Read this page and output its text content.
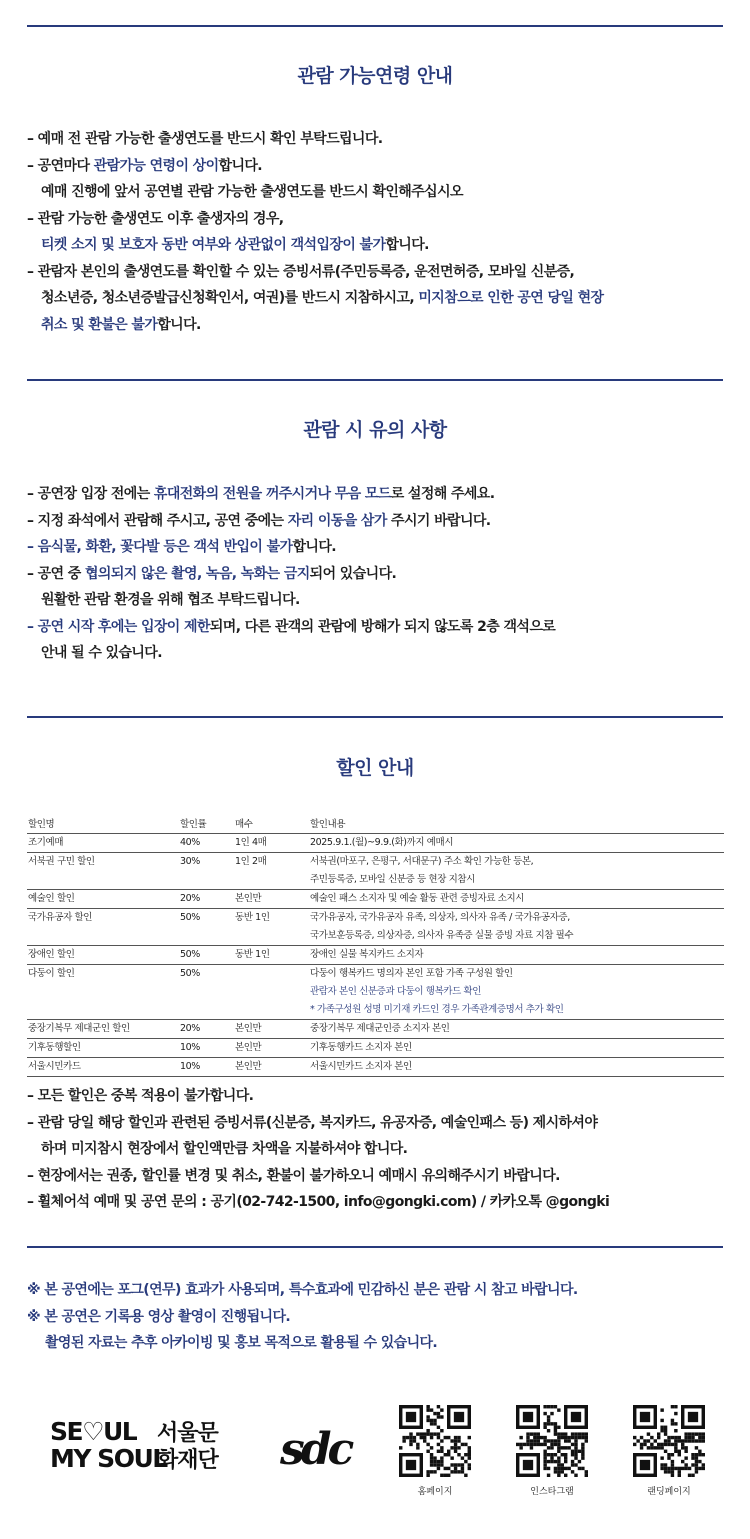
관람 가능연령 안내
– 예매 전 관람 가능한 출생연도를 반드시 확인 부탁드립니다.
– 공연마다 관람가능 연령이 상이합니다.
예매 진행에 앞서 공연별 관람 가능한 출생연도를 반드시 확인해주십시오
– 관람 가능한 출생연도 이후 출생자의 경우,
티켓 소지 및 보호자 동반 여부와 상관없이 객석입장이 불가합니다.
– 관람자 본인의 출생연도를 확인할 수 있는 증빙서류(주민등록증, 운전면허증, 모바일 신분증,
청소년증, 청소년증발급신청확인서, 여권)를 반드시 지참하시고, 미지참으로 인한 공연 당일 현장
취소 및 환불은 불가합니다.
관람 시 유의 사항
– 공연장 입장 전에는 휴대전화의 전원을 꺼주시거나 무음 모드로 설정해 주세요.
– 지정 좌석에서 관람해 주시고, 공연 중에는 자리 이동을 삼가 주시기 바랍니다.
– 음식물, 화환, 꽃다발 등은 객석 반입이 불가합니다.
– 공연 중 협의되지 않은 촬영, 녹음, 녹화는 금지되어 있습니다.
원활한 관람 환경을 위해 협조 부탁드립니다.
– 공연 시작 후에는 입장이 제한되며, 다른 관객의 관람에 방해가 되지 않도록 2층 객석으로
안내 될 수 있습니다.
할인 안내
할인명	할인률	매수	할인내용
조기예매	40%	1인 4매	2025.9.1.(월)~9.9.(화)까지 예매시

서북권 구민 할인	30%	1인 2매	서북권(마포구, 은평구, 서대문구) 주소 확인 가능한 등본,
주민등록증, 모바일 신분증 등 현장 지참시

예술인 할인	20%	본인만	예술인 패스 소지자 및 예술 활동 관련 증빙자료 소지시

국가유공자 할인	50%	동반 1인	국가유공자, 국가유공자 유족, 의상자, 의사자 유족 / 국가유공자증,
국가보훈등록증, 의상자증, 의사자 유족증 실물 증빙 자료 지참 필수

장애인 할인	50%	동반 1인	장애인 실물 복지카드 소지자

다둥이 할인	50%		다둥이 행복카드 명의자 본인 포함 가족 구성원 할인
관람자 본인 신분증과 다둥이 행복카드 확인
* 가족구성원 성명 미기재 카드인 경우 가족관계증명서 추가 확인

중장기복무 제대군인 할인	20%	본인만	중장기복무 제대군인증 소지자 본인

기후동행할인	10%	본인만	기후동행카드 소지자 본인

서울시민카드	10%	본인만	서울시민카드 소지자 본인
– 모든 할인은 중복 적용이 불가합니다.
– 관람 당일 해당 할인과 관련된 증빙서류(신분증, 복지카드, 유공자증, 예술인패스 등) 제시하셔야
하며 미지참시 현장에서 할인액만큼 차액을 지불하셔야 합니다.
– 현장에서는 권종, 할인률 변경 및 취소, 환불이 불가하오니 예매시 유의해주시기 바랍니다.
– 휠체어석 예매 및 공연 문의 : 공기(02-742-1500, info@gongki.com) / 카카오톡 @gongki
※ 본 공연에는 포그(연무) 효과가 사용되며, 특수효과에 민감하신 분은 관람 시 참고 바랍니다.
※ 본 공연은 기록용 영상 촬영이 진행됩니다.
촬영된 자료는 추후 아카이빙 및 홍보 목적으로 활용될 수 있습니다.
SE♡UL
MY SOUL
서울문화재단 sdc
홈페이지	인스타그램	랜딩페이지
